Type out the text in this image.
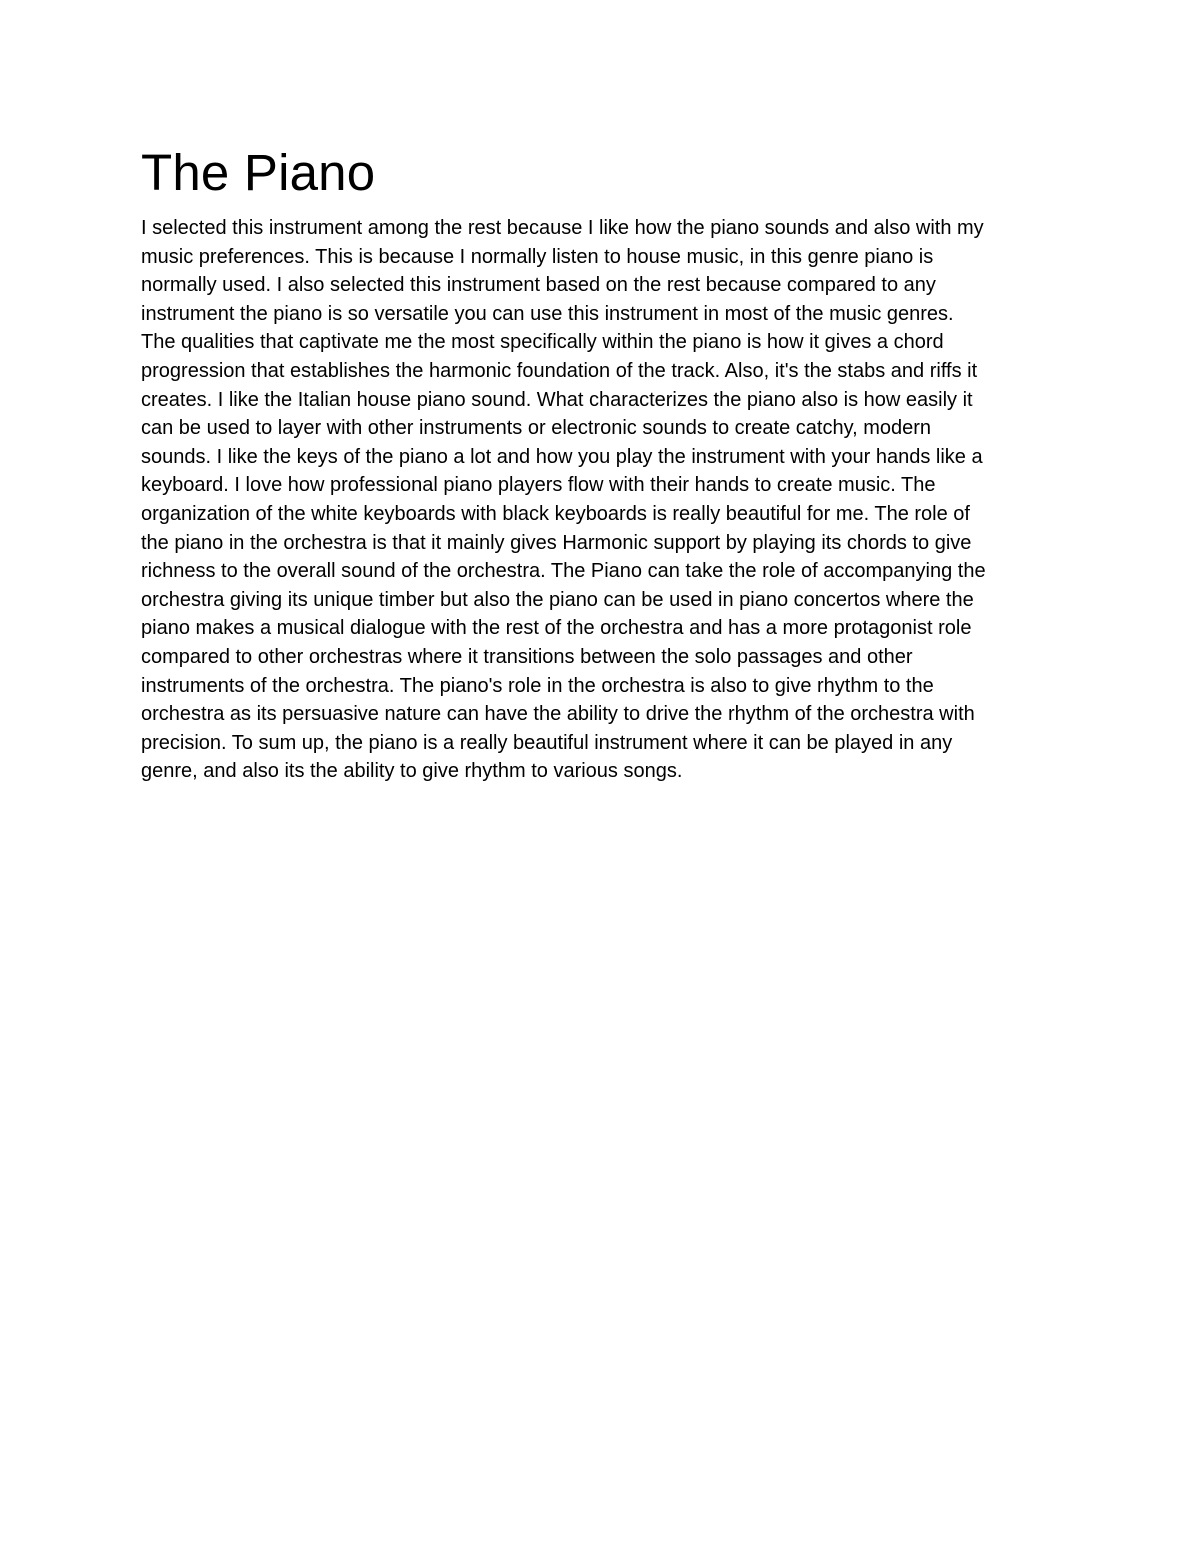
The Piano
I selected this instrument among the rest because I like how the piano sounds and also with my
music preferences. This is because I normally listen to house music, in this genre piano is
normally used. I also selected this instrument based on the rest because compared to any
instrument the piano is so versatile you can use this instrument in most of the music genres.
The qualities that captivate me the most specifically within the piano is how it gives a chord
progression that establishes the harmonic foundation of the track. Also, it's the stabs and riffs it
creates. I like the Italian house piano sound. What characterizes the piano also is how easily it
can be used to layer with other instruments or electronic sounds to create catchy, modern
sounds. I like the keys of the piano a lot and how you play the instrument with your hands like a
keyboard. I love how professional piano players flow with their hands to create music. The
organization of the white keyboards with black keyboards is really beautiful for me. The role of
the piano in the orchestra is that it mainly gives Harmonic support by playing its chords to give
richness to the overall sound of the orchestra. The Piano can take the role of accompanying the
orchestra giving its unique timber but also the piano can be used in piano concertos where the
piano makes a musical dialogue with the rest of the orchestra and has a more protagonist role
compared to other orchestras where it transitions between the solo passages and other
instruments of the orchestra. The piano's role in the orchestra is also to give rhythm to the
orchestra as its persuasive nature can have the ability to drive the rhythm of the orchestra with
precision. To sum up, the piano is a really beautiful instrument where it can be played in any
genre, and also its the ability to give rhythm to various songs.
